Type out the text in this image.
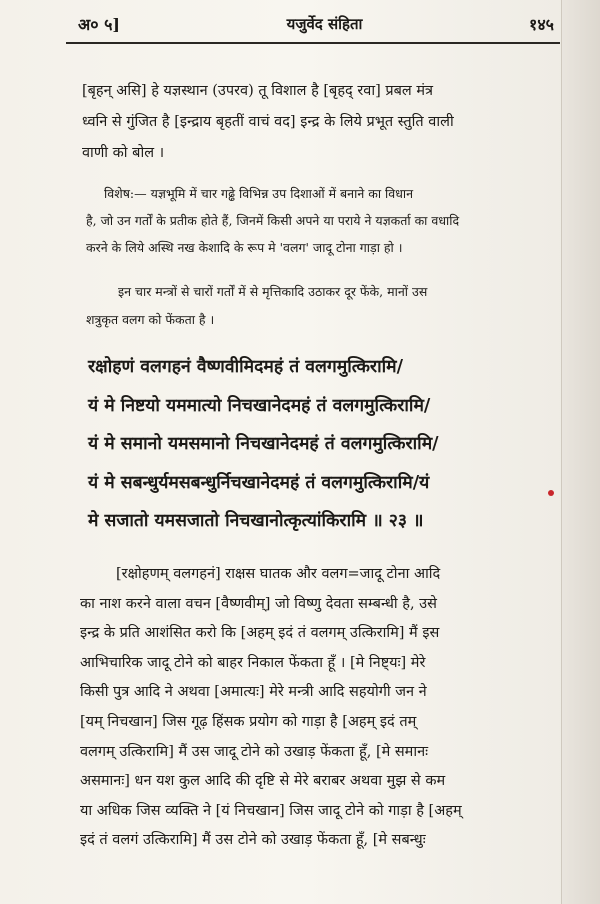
अ० ५]	यजुर्वेद संहिता	१४५
[बृहन् असि] हे यज्ञस्थान (उपरव) तू विशाल है [बृहद् रवा] प्रबल मंत्र
ध्वनि से गुंजित है [इन्द्राय बृहतीं वाचं वद] इन्द्र के लिये प्रभूत स्तुति वाली
वाणी को बोल ।
विशेष:— यज्ञभूमि में चार गढ्ढे विभिन्न उप दिशाओं में बनाने का विधान
है, जो उन गर्तों के प्रतीक होते हैं, जिनमें किसी अपने या पराये ने यज्ञकर्ता का वधादि
करने के लिये अस्थि नख केशादि के रूप मे 'वलग' जादू टोना गाड़ा हो ।
इन चार मन्त्रों से चारों गर्तों में से मृत्तिकादि उठाकर दूर फेंके, मानों उस
शत्रुकृत वलग को फेंकता है ।
रक्षोहणं वलगहनं वैष्णवीमिदमहं तं वलगमुत्किरामि/
यं मे निष्टयो यममात्यो निचखानेदमहं तं वलगमुत्किरामि/
यं मे समानो यमसमानो निचखानेदमहं तं वलगमुत्किरामि/
यं मे सबन्धुर्यमसबन्धुर्निचखानेदमहं तं वलगमुत्किरामि/यं
मे सजातो यमसजातो निचखानोत्कृत्यांकिरामि ॥ २३ ॥
[रक्षोहणम् वलगहनं] राक्षस घातक और वलग=जादू टोना आदि
का नाश करने वाला वचन [वैष्णवीम्] जो विष्णु देवता सम्बन्धी है, उसे
इन्द्र के प्रति आशंसित करो कि [अहम् इदं तं वलगम् उत्किरामि] मैं इस
आभिचारिक जादू टोने को बाहर निकाल फेंकता हूँ । [मे निष्ट्यः] मेरे
किसी पुत्र आदि ने अथवा [अमात्यः] मेरे मन्त्री आदि सहयोगी जन ने
[यम् निचखान] जिस गूढ़ हिंसक प्रयोग को गाड़ा है [अहम् इदं तम्
वलगम् उत्किरामि] मैं उस जादू टोने को उखाड़ फेंकता हूँ, [मे समानः
असमानः] धन यश कुल आदि की दृष्टि से मेरे बराबर अथवा मुझ से कम
या अधिक जिस व्यक्ति ने [यं निचखान] जिस जादू टोने को गाड़ा है [अहम्
इदं तं वलगं उत्किरामि] मैं उस टोने को उखाड़ फेंकता हूँ, [मे सबन्धुः
